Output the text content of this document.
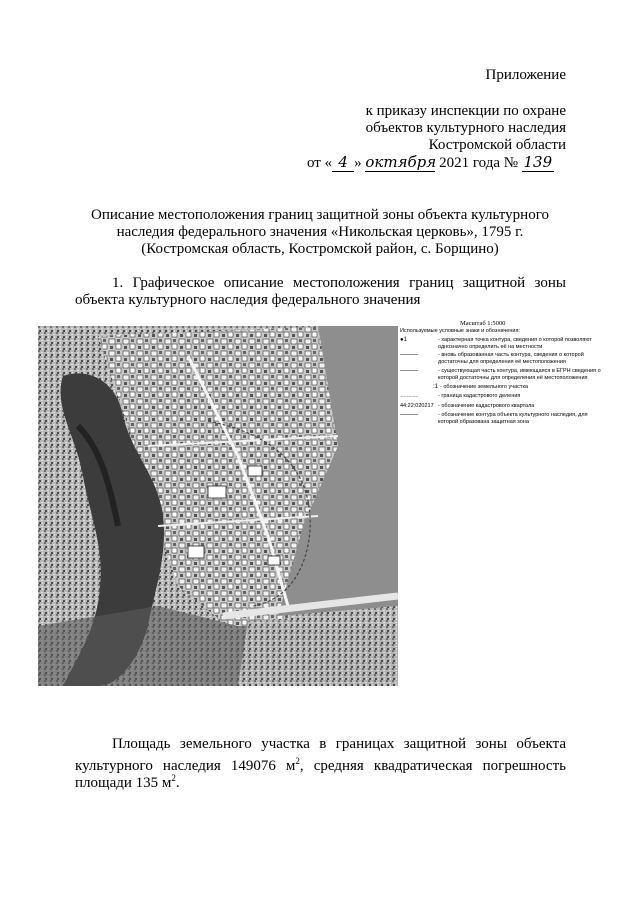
Приложение
к приказу инспекции по охране
объектов культурного наследия
Костромской области
от « 4 » октября 2021 года № 139
Описание местоположения границ защитной зоны объекта культурного
наследия федерального значения «Никольская церковь», 1795 г.
(Костромская область, Костромской район, с. Борщино)
1. Графическое описание местоположения границ защитной зоны
объекта культурного наследия федерального значения
Масштаб 1:5000
Используемые условные знаки и обозначения:
●1	- характерная точка контура, сведения о которой позволяют однозначно определить её на местности
———	- вновь образованная часть контура, сведения о которой достаточны для определения её местоположения
———	- существующая часть контура, имеющаяся в ЕГРН сведения о которой достаточны для определения её местоположения
:1 - обозначение земельного участка
………	- граница кадастрового деления
44:22:020217 - обозначение кадастрового квартала
———	- обозначение контура объекта культурного наследия, для которой образована защитная зона
Площадь земельного участка в границах защитной зоны объекта
культурного наследия 149076 $м^2$, средняя квадратическая погрешность
площади 135 $м^2$.
